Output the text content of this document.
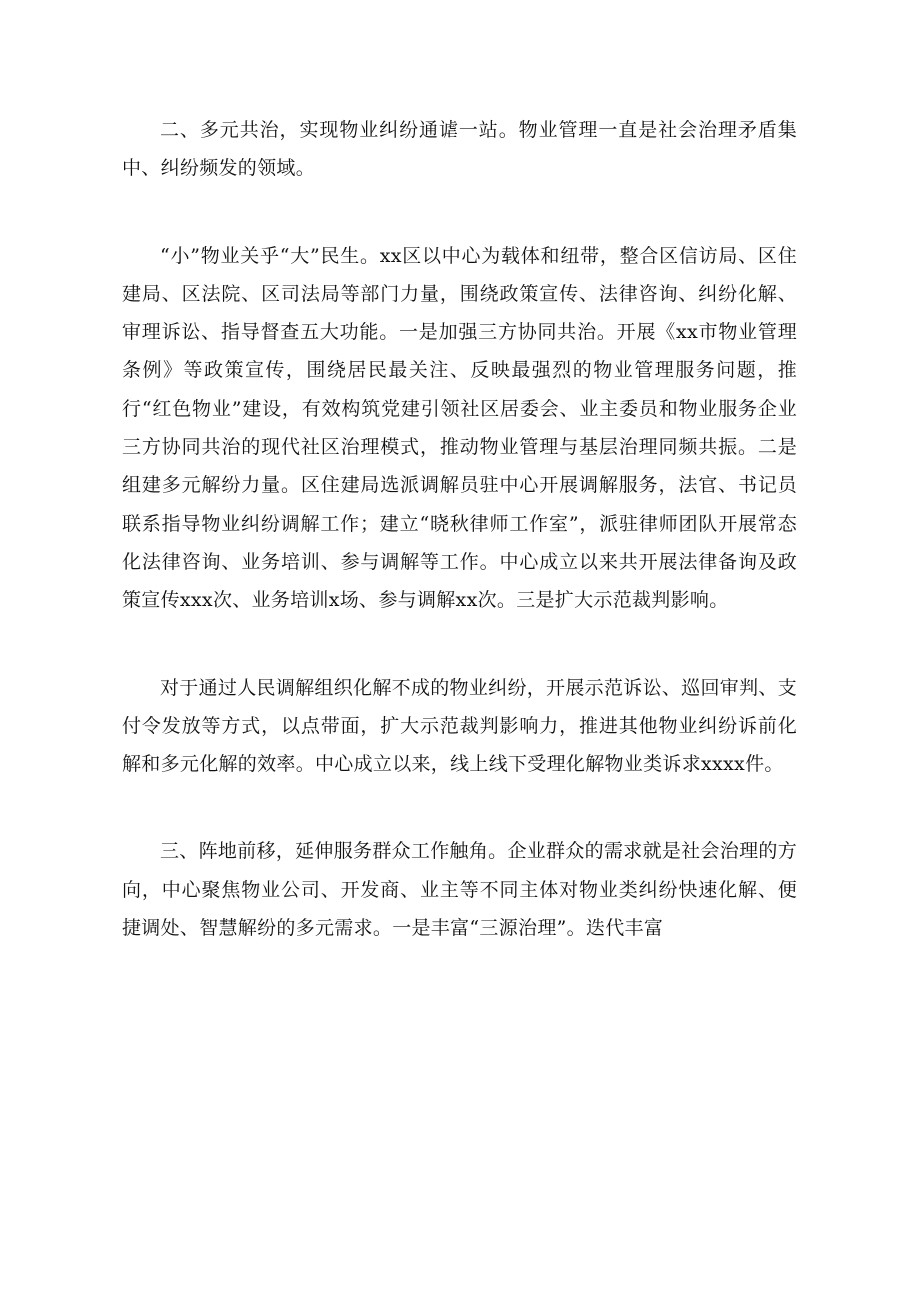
二、多元共治，实现物业纠纷通谑一站。物业管理一直是社会治理矛盾集中、纠纷频发的领域。

“小”物业关乎“大”民生。xx区以中心为载体和纽带，整合区信访局、区住建局、区法院、区司法局等部门力量，围绕政策宣传、法律咨询、纠纷化解、审理诉讼、指导督查五大功能。一是加强三方协同共治。开展《xx市物业管理条例》等政策宣传，围绕居民最关注、反映最强烈的物业管理服务问题，推行“红色物业”建设，有效构筑党建引领社区居委会、业主委员和物业服务企业三方协同共治的现代社区治理模式，推动物业管理与基层治理同频共振。二是组建多元解纷力量。区住建局选派调解员驻中心开展调解服务，法官、书记员联系指导物业纠纷调解工作；建立“晓秋律师工作室”，派驻律师团队开展常态化法律咨询、业务培训、参与调解等工作。中心成立以来共开展法律备询及政策宣传xxx次、业务培训x场、参与调解xx次。三是扩大示范裁判影响。

对于通过人民调解组织化解不成的物业纠纷，开展示范诉讼、巡回审判、支付令发放等方式，以点带面，扩大示范裁判影响力，推进其他物业纠纷诉前化解和多元化解的效率。中心成立以来，线上线下受理化解物业类诉求xxxx件。

三、阵地前移，延伸服务群众工作触角。企业群众的需求就是社会治理的方向，中心聚焦物业公司、开发商、业主等不同主体对物业类纠纷快速化解、便捷调处、智慧解纷的多元需求。一是丰富“三源治理”。迭代丰富
